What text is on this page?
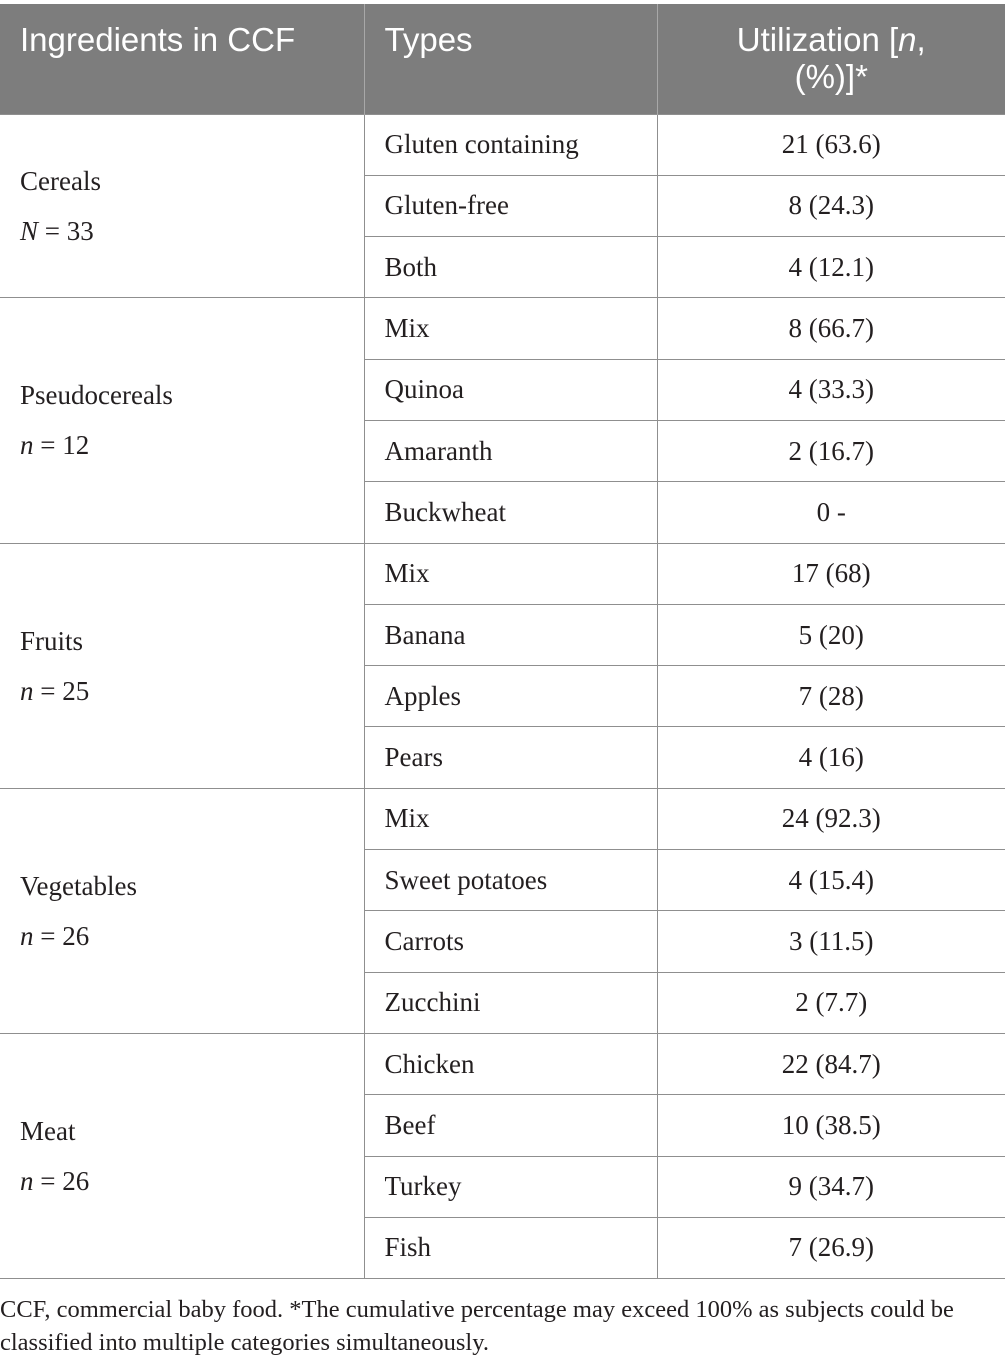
Ingredients in CCF	Types	Utilization [n,
(%)]*

Cereals
N = 33	Gluten containing	21 (63.6)
	Gluten-free	8 (24.3)
	Both	4 (12.1)

Pseudocereals
n = 12	Mix	8 (66.7)
	Quinoa	4 (33.3)
	Amaranth	2 (16.7)
	Buckwheat	0 -

Fruits
n = 25	Mix	17 (68)
	Banana	5 (20)
	Apples	7 (28)
	Pears	4 (16)

Vegetables
n = 26	Mix	24 (92.3)
	Sweet potatoes	4 (15.4)
	Carrots	3 (11.5)
	Zucchini	2 (7.7)

Meat
n = 26	Chicken	22 (84.7)
	Beef	10 (38.5)
	Turkey	9 (34.7)
	Fish	7 (26.9)
CCF, commercial baby food. *The cumulative percentage may exceed 100% as subjects could be classified into multiple categories simultaneously.
